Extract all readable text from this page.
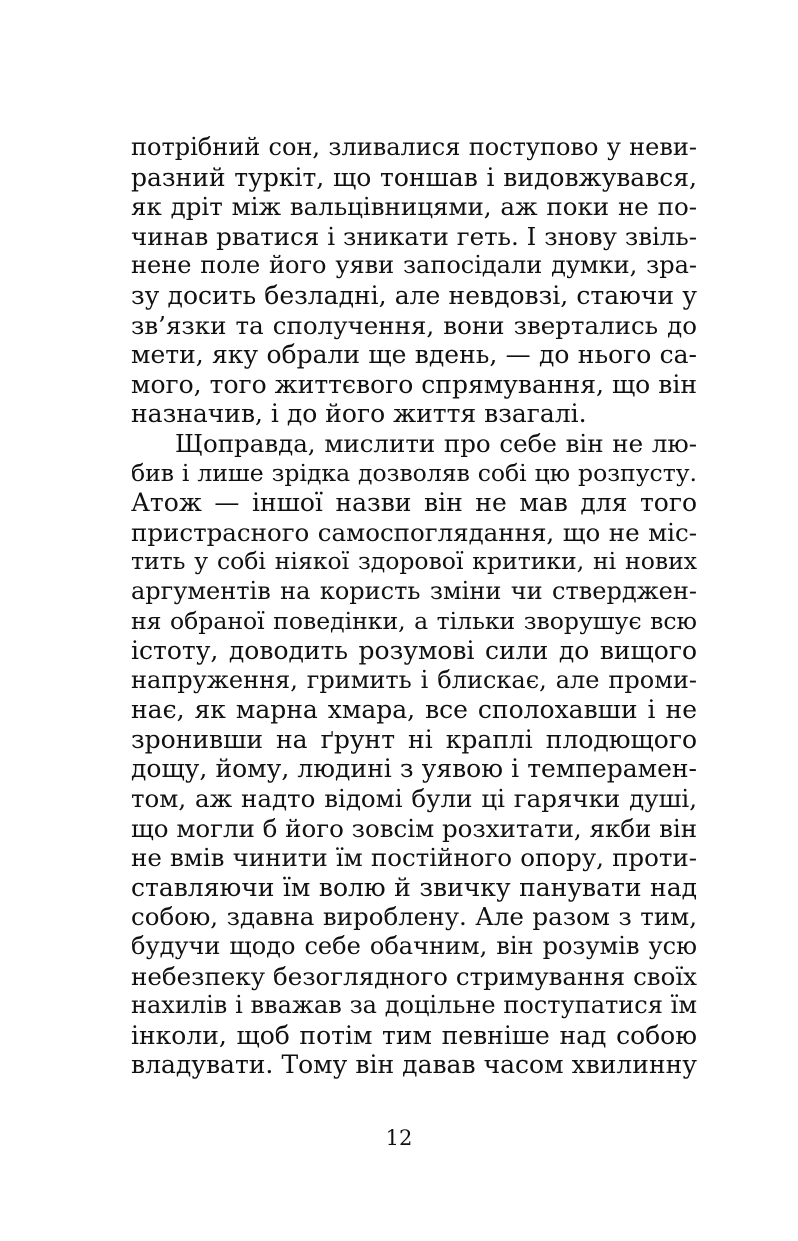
потрібний сон, зливалися поступово у неви-
разний туркіт, що тоншав і видовжувався,
як дріт між вальцівницями, аж поки не по-
чинав рватися і зникати геть. І знову звіль-
нене поле його уяви запосідали думки, зра-
зу досить безладні, але невдовзі, стаючи у
зв’язки та сполучення, вони звертались до
мети, яку обрали ще вдень, — до нього са-
мого, того життєвого спрямування, що він
назначив, і до його життя взагалі.
Щоправда, мислити про себе він не лю-
бив і лише зрідка дозволяв собі цю розпусту.
Атож — іншої назви він не мав для того
пристрасного самоспоглядання, що не міс-
тить у собі ніякої здорової критики, ні нових
аргументів на користь зміни чи стверджен-
ня обраної поведінки, а тільки зворушує всю
істоту, доводить розумові сили до вищого
напруження, гримить і блискає, але проми-
нає, як марна хмара, все сполохавши і не
зронивши на ґрунт ні краплі плодющого
дощу, йому, людині з уявою і темпeрамен-
том, аж надто відомі були ці гарячки душі,
що могли б його зовсім розхитати, якби він
не вмів чинити їм постійного опору, проти-
ставляючи їм волю й звичку панувати над
собою, здавна вироблену. Але разом з тим,
будучи щодо себе обачним, він розумів усю
небезпеку безоглядного стримування своїх
нахилів і вважав за доцільне поступатися їм
інколи, щоб потім тим певніше над собою
владувати. Тому він давав часом хвилинну
12
